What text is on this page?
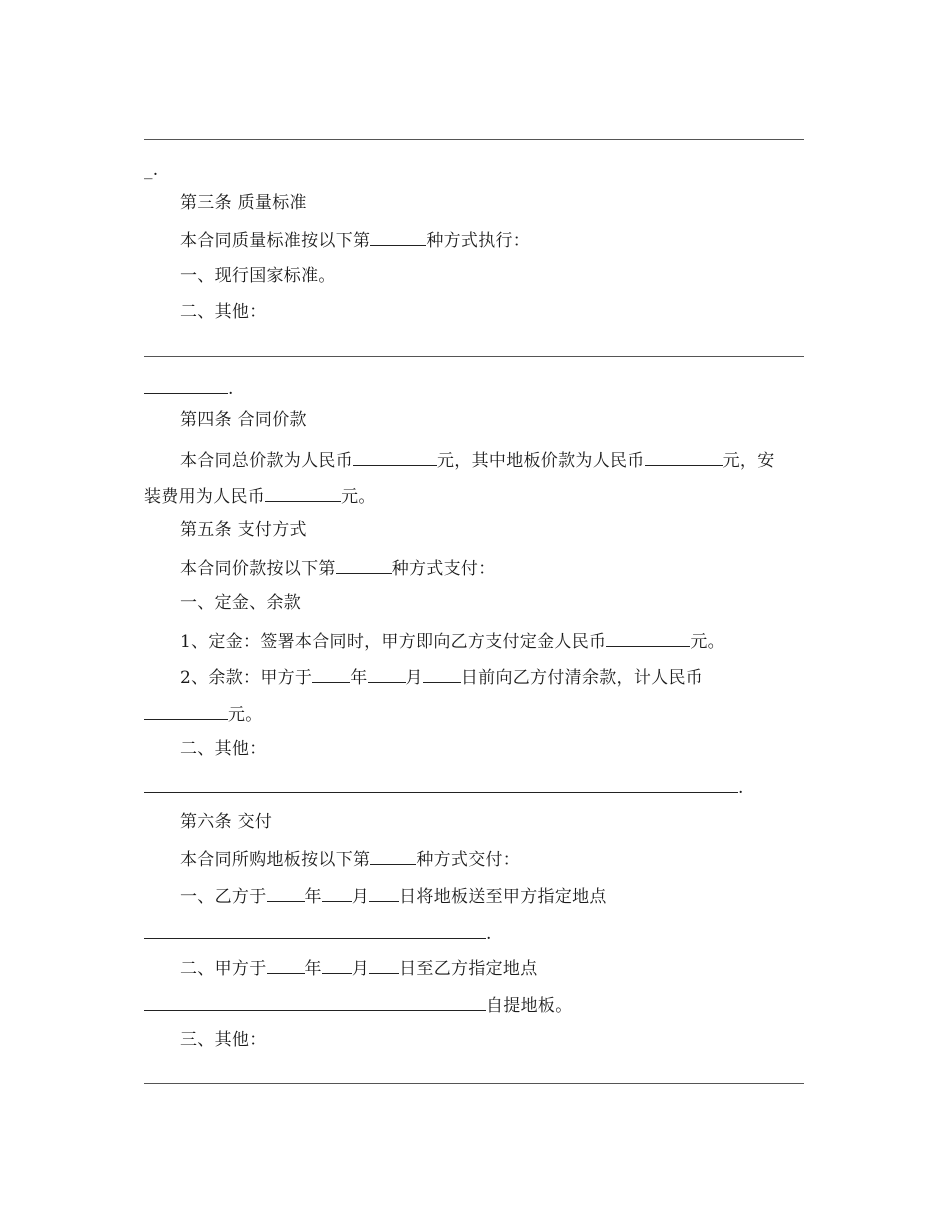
_.
第三条 质量标准
本合同质量标准按以下第	种方式执行：
一、现行国家标准。
二、其他：
.
第四条 合同价款
本合同总价款为人民币	元，其中地板价款为人民币	元，安
装费用为人民币	元。
第五条 支付方式
本合同价款按以下第	种方式支付：
一、定金、余款
1、定金：签署本合同时，甲方即向乙方支付定金人民币	元。
2、余款：甲方于 年 月 日前向乙方付清余款，计人民币
元。
二、其他：
.
第六条 交付
本合同所购地板按以下第	种方式交付：
一、乙方于 年 月 日将地板送至甲方指定地点
.
二、甲方于 年 月 日至乙方指定地点
自提地板。
三、其他：
